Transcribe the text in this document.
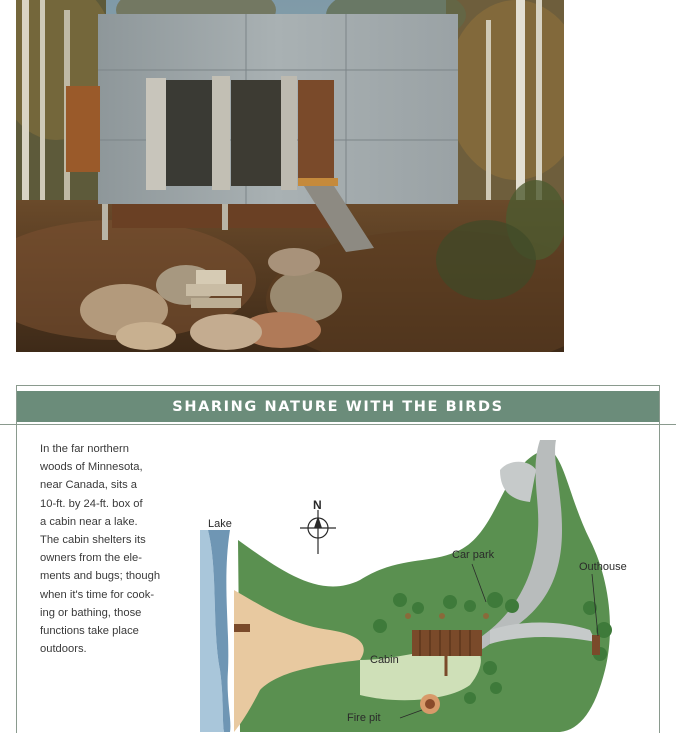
SHARING NATURE WITH THE BIRDS

In the far northern
woods of Minnesota,
near Canada, sits a
10-ft. by 24-ft. box of
a cabin near a lake.
The cabin shelters its
owners from the ele-
ments and bugs; though
when it's time for cook-
ing or bathing, those
functions take place
outdoors.

N
Lake
Car park
Outhouse
Cabin
Fire pit
